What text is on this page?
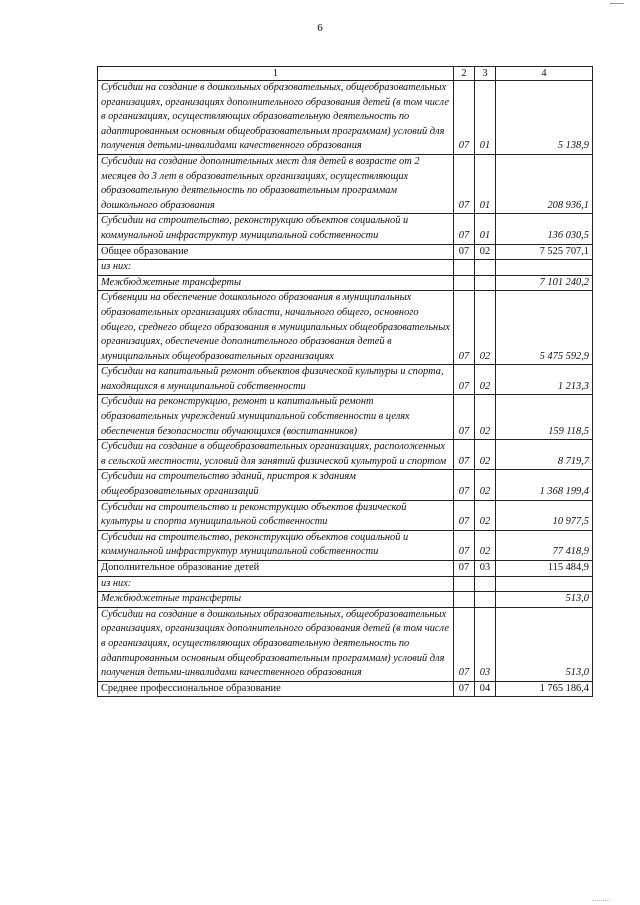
6
1	2	3	4
Субсидии на создание в дошкольных образовательных, общеобразовательных организациях, организациях дополнительного образования детей (в том числе в организациях, осуществляющих образовательную деятельность по адаптированным основным общеобразовательным программам) условий для получения детьми-инвалидами качественного образования	07	01	5 138,9
Субсидии на создание дополнительных мест для детей в возрасте от 2 месяцев до 3 лет в образовательных организациях, осуществляющих образовательную деятельность по образовательным программам дошкольного образования	07	01	208 936,1
Субсидии на строительство, реконструкцию объектов социальной и коммунальной инфраструктур муниципальной собственности	07	01	136 030,5
Общее образование	07	02	7 525 707,1
из них:			
Межбюджетные трансферты			7 101 240,2
Субвенции на обеспечение дошкольного образования в муниципальных образовательных организациях области, начального общего, основного общего, среднего общего образования в муниципальных общеобразовательных организациях, обеспечение дополнительного образования детей в муниципальных общеобразовательных организациях	07	02	5 475 592,9
Субсидии на капитальный ремонт объектов физической культуры и спорта, находящихся в муниципальной собственности	07	02	1 213,3
Субсидии на реконструкцию, ремонт и капитальный ремонт образовательных учреждений муниципальной собственности в целях обеспечения безопасности обучающихся (воспитанников)	07	02	159 118,5
Субсидии на создание в общеобразовательных организациях, расположенных в сельской местности, условий для занятий физической культурой и спортом	07	02	8 719,7
Субсидии на строительство зданий, пристроя к зданиям общеобразовательных организаций	07	02	1 368 199,4
Субсидии на строительство и реконструкцию объектов физической культуры и спорта муниципальной собственности	07	02	10 977,5
Субсидии на строительство, реконструкцию объектов социальной и коммунальной инфраструктур муниципальной собственности	07	02	77 418,9
Дополнительное образование детей	07	03	115 484,9
из них:			
Межбюджетные трансферты			513,0
Субсидии на создание в дошкольных образовательных, общеобразовательных организациях, организациях дополнительного образования детей (в том числе в организациях, осуществляющих образовательную деятельность по адаптированным основным общеобразовательным программам) условий для получения детьми-инвалидами качественного образования	07	03	513,0
Среднее профессиональное образование	07	04	1 765 186,4
